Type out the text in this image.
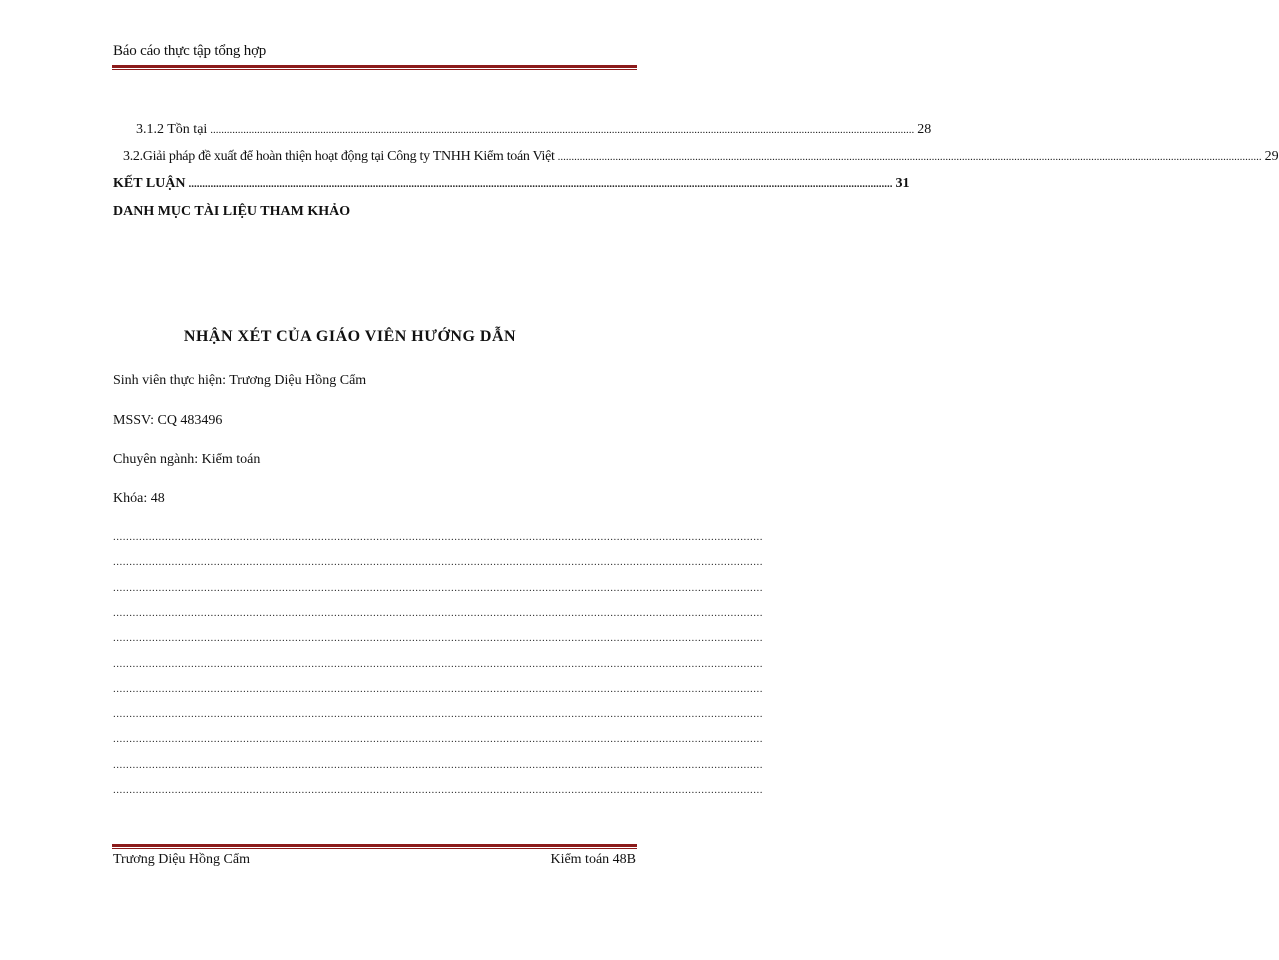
Báo cáo thực tập tổng hợp
3.1.2 Tồn tại .....	28
3.2.Giải pháp đề xuất để hoàn thiện hoạt động tại Công ty TNHH Kiểm toán Việt .....	29
KẾT LUẬN .....	31
DANH MỤC TÀI LIỆU THAM KHẢO
NHẬN XÉT CỦA GIÁO VIÊN HƯỚNG DẪN
Sinh viên thực hiện: Trương Diệu Hồng Cẩm
MSSV: CQ 483496
Chuyên ngành: Kiểm toán
Khóa: 48
........................................................................................................................................................................................................
........................................................................................................................................................................................................
........................................................................................................................................................................................................
........................................................................................................................................................................................................
........................................................................................................................................................................................................
........................................................................................................................................................................................................
........................................................................................................................................................................................................
........................................................................................................................................................................................................
........................................................................................................................................................................................................
........................................................................................................................................................................................................
........................................................................................................................................................................................................
Trương Diệu Hồng Cẩm	Kiểm toán 48B
